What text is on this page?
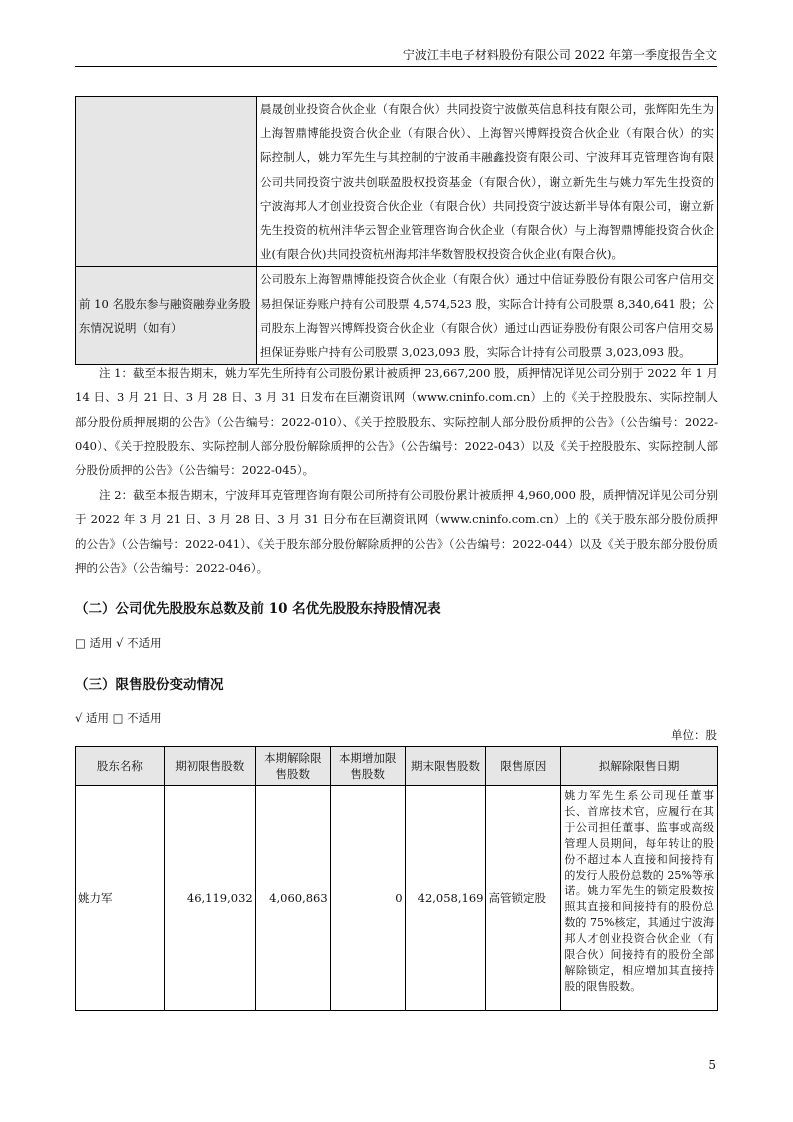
宁波江丰电子材料股份有限公司 2022 年第一季度报告全文
	晨晟创业投资合伙企业（有限合伙）共同投资宁波傲英信息科技有限公司，张辉阳先生为上海智鼎博能投资合伙企业（有限合伙）、上海智兴博辉投资合伙企业（有限合伙）的实际控制人，姚力军先生与其控制的宁波甬丰融鑫投资有限公司、宁波拜耳克管理咨询有限公司共同投资宁波共创联盈股权投资基金（有限合伙），谢立新先生与姚力军先生投资的宁波海邦人才创业投资合伙企业（有限合伙）共同投资宁波达新半导体有限公司，谢立新先生投资的杭州沣华云智企业管理咨询合伙企业（有限合伙）与上海智鼎博能投资合伙企业(有限合伙)共同投资杭州海邦沣华数智股权投资合伙企业(有限合伙)。
前 10 名股东参与融资融券业务股东情况说明（如有）	公司股东上海智鼎博能投资合伙企业（有限合伙）通过中信证券股份有限公司客户信用交易担保证券账户持有公司股票 4,574,523 股，实际合计持有公司股票 8,340,641 股；公司股东上海智兴博辉投资合伙企业（有限合伙）通过山西证券股份有限公司客户信用交易担保证券账户持有公司股票 3,023,093 股，实际合计持有公司股票 3,023,093 股。
注 1：截至本报告期末，姚力军先生所持有公司股份累计被质押 23,667,200 股，质押情况详见公司分别于 2022 年 1 月 14 日、3 月 21 日、3 月 28 日、3 月 31 日发布在巨潮资讯网（www.cninfo.com.cn）上的《关于控股股东、实际控制人部分股份质押展期的公告》（公告编号：2022-010）、《关于控股股东、实际控制人部分股份质押的公告》（公告编号：2022-040）、《关于控股股东、实际控制人部分股份解除质押的公告》（公告编号：2022-043）以及《关于控股股东、实际控制人部分股份质押的公告》（公告编号：2022-045）。
注 2：截至本报告期末，宁波拜耳克管理咨询有限公司所持有公司股份累计被质押 4,960,000 股，质押情况详见公司分别于 2022 年 3 月 21 日、3 月 28 日、3 月 31 日分布在巨潮资讯网（www.cninfo.com.cn）上的《关于股东部分股份质押的公告》（公告编号：2022-041）、《关于股东部分股份解除质押的公告》（公告编号：2022-044）以及《关于股东部分股份质押的公告》（公告编号：2022-046）。
（二）公司优先股股东总数及前 10 名优先股股东持股情况表
□ 适用 √ 不适用
（三）限售股份变动情况
√ 适用 □ 不适用
单位：股
股东名称	期初限售股数	本期解除限售股数	本期增加限售股数	期末限售股数	限售原因	拟解除限售日期
姚力军	46,119,032	4,060,863	0	42,058,169	高管锁定股	姚力军先生系公司现任董事长、首席技术官，应履行在其于公司担任董事、监事或高级管理人员期间，每年转让的股份不超过本人直接和间接持有的发行人股份总数的 25%等承诺。姚力军先生的锁定股数按照其直接和间接持有的股份总数的 75%核定，其通过宁波海邦人才创业投资合伙企业（有限合伙）间接持有的股份全部解除锁定，相应增加其直接持股的限售股数。
5
